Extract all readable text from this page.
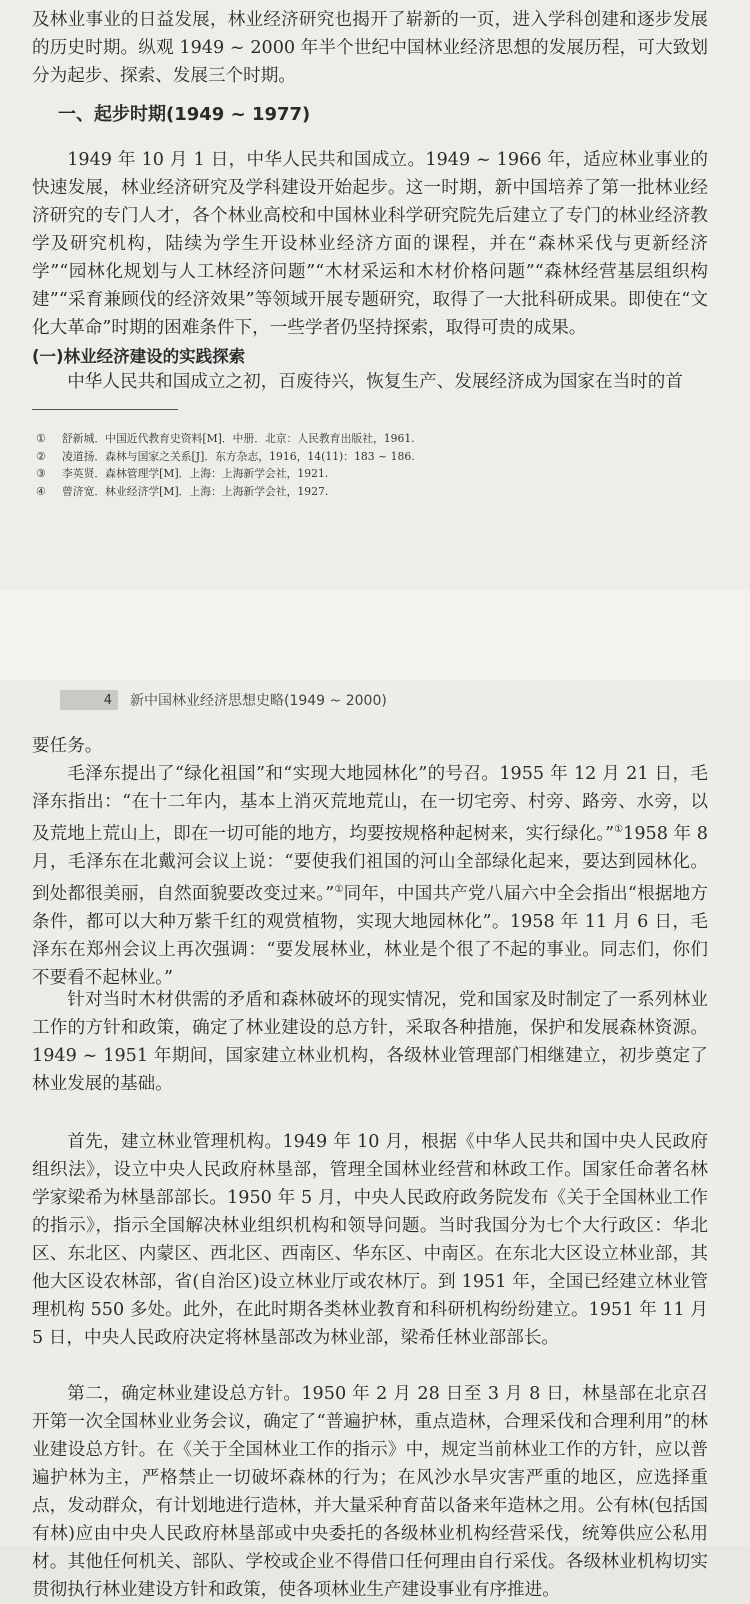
及林业事业的日益发展，林业经济研究也揭开了崭新的一页，进入学科创建和逐步发展的历史时期。纵观 1949 ~ 2000 年半个世纪中国林业经济思想的发展历程，可大致划分为起步、探索、发展三个时期。

一、起步时期(1949 ~ 1977)

1949 年 10 月 1 日，中华人民共和国成立。1949 ~ 1966 年，适应林业事业的快速发展，林业经济研究及学科建设开始起步。这一时期，新中国培养了第一批林业经济研究的专门人才，各个林业高校和中国林业科学研究院先后建立了专门的林业经济教学及研究机构，陆续为学生开设林业经济方面的课程，并在“森林采伐与更新经济学”“园林化规划与人工林经济问题”“木材采运和木材价格问题”“森林经营基层组织构建”“采育兼顾伐的经济效果”等领域开展专题研究，取得了一大批科研成果。即使在“文化大革命”时期的困难条件下，一些学者仍坚持探索，取得可贵的成果。

(一)林业经济建设的实践探索

中华人民共和国成立之初，百废待兴，恢复生产、发展经济成为国家在当时的首

①	舒新城．中国近代教育史资料[M]．中册．北京：人民教育出版社，1961.
②	凌道扬．森林与国家之关系[J]．东方杂志，1916，14(11)：183 ~ 186.
③	李英贤．森林管理学[M]．上海：上海新学会社，1921.
④	曾济宽．林业经济学[M]．上海：上海新学会社，1927.
4	新中国林业经济思想史略(1949 ~ 2000)

要任务。

毛泽东提出了“绿化祖国”和“实现大地园林化”的号召。1955 年 12 月 21 日，毛泽东指出：“在十二年内，基本上消灭荒地荒山，在一切宅旁、村旁、路旁、水旁，以及荒地上荒山上，即在一切可能的地方，均要按规格种起树来，实行绿化。”①1958 年 8 月，毛泽东在北戴河会议上说：“要使我们祖国的河山全部绿化起来，要达到园林化。到处都很美丽，自然面貌要改变过来。”①同年，中国共产党八届六中全会指出“根据地方条件，都可以大种万紫千红的观赏植物，实现大地园林化”。1958 年 11 月 6 日，毛泽东在郑州会议上再次强调：“要发展林业，林业是个很了不起的事业。同志们，你们不要看不起林业。”

针对当时木材供需的矛盾和森林破坏的现实情况，党和国家及时制定了一系列林业工作的方针和政策，确定了林业建设的总方针，采取各种措施，保护和发展森林资源。1949 ~ 1951 年期间，国家建立林业机构，各级林业管理部门相继建立，初步奠定了林业发展的基础。

首先，建立林业管理机构。1949 年 10 月，根据《中华人民共和国中央人民政府组织法》，设立中央人民政府林垦部，管理全国林业经营和林政工作。国家任命著名林学家梁希为林垦部部长。1950 年 5 月，中央人民政府政务院发布《关于全国林业工作的指示》，指示全国解决林业组织机构和领导问题。当时我国分为七个大行政区：华北区、东北区、内蒙区、西北区、西南区、华东区、中南区。在东北大区设立林业部，其他大区设农林部，省(自治区)设立林业厅或农林厅。到 1951 年，全国已经建立林业管理机构 550 多处。此外，在此时期各类林业教育和科研机构纷纷建立。1951 年 11 月 5 日，中央人民政府决定将林垦部改为林业部，梁希任林业部部长。

第二，确定林业建设总方针。1950 年 2 月 28 日至 3 月 8 日，林垦部在北京召开第一次全国林业业务会议，确定了“普遍护林，重点造林，合理采伐和合理利用”的林业建设总方针。在《关于全国林业工作的指示》中，规定当前林业工作的方针，应以普遍护林为主，严格禁止一切破坏森林的行为；在风沙水旱灾害严重的地区，应选择重点，发动群众，有计划地进行造林，并大量采种育苗以备来年造林之用。公有林(包括国有林)应由中央人民政府林垦部或中央委托的各级林业机构经营采伐，统筹供应公私用材。其他任何机关、部队、学校或企业不得借口任何理由自行采伐。各级林业机构切实贯彻执行林业建设方针和政策，使各项林业生产建设事业有序推进。
